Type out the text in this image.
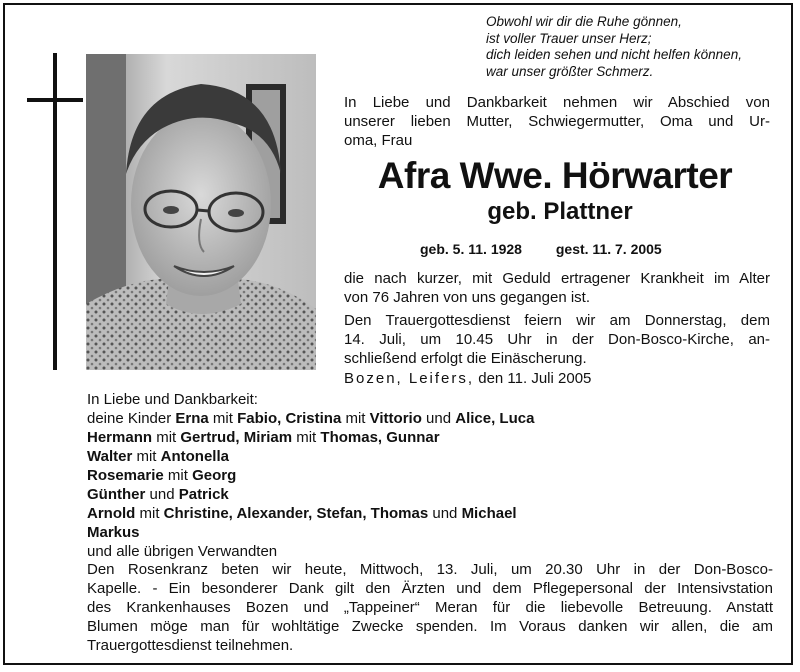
Obwohl wir dir die Ruhe gönnen,
ist voller Trauer unser Herz;
dich leiden sehen und nicht helfen können,
war unser größter Schmerz.
In Liebe und Dankbarkeit nehmen wir Abschied von
unserer lieben Mutter, Schwiegermutter, Oma und Ur-
oma, Frau
Afra Wwe. Hörwarter
geb. Plattner
geb. 5. 11. 1928 gest. 11. 7. 2005
die nach kurzer, mit Geduld ertragener Krankheit im Alter
von 76 Jahren von uns gegangen ist.
Den Trauergottesdienst feiern wir am Donnerstag, dem
14. Juli, um 10.45 Uhr in der Don-Bosco-Kirche, an-
schließend erfolgt die Einäscherung.
Bozen, Leifers, den 11. Juli 2005
In Liebe und Dankbarkeit:
deine Kinder Erna mit Fabio, Cristina mit Vittorio und Alice, Luca
Hermann mit Gertrud, Miriam mit Thomas, Gunnar
Walter mit Antonella
Rosemarie mit Georg
Günther und Patrick
Arnold mit Christine, Alexander, Stefan, Thomas und Michael
Markus
und alle übrigen Verwandten
Den Rosenkranz beten wir heute, Mittwoch, 13. Juli, um 20.30 Uhr in der Don-Bosco-
Kapelle. - Ein besonderer Dank gilt den Ärzten und dem Pflegepersonal der Intensivstation
des Krankenhauses Bozen und „Tappeiner“ Meran für die liebevolle Betreuung. Anstatt
Blumen möge man für wohltätige Zwecke spenden. Im Voraus danken wir allen, die am
Trauergottesdienst teilnehmen.
